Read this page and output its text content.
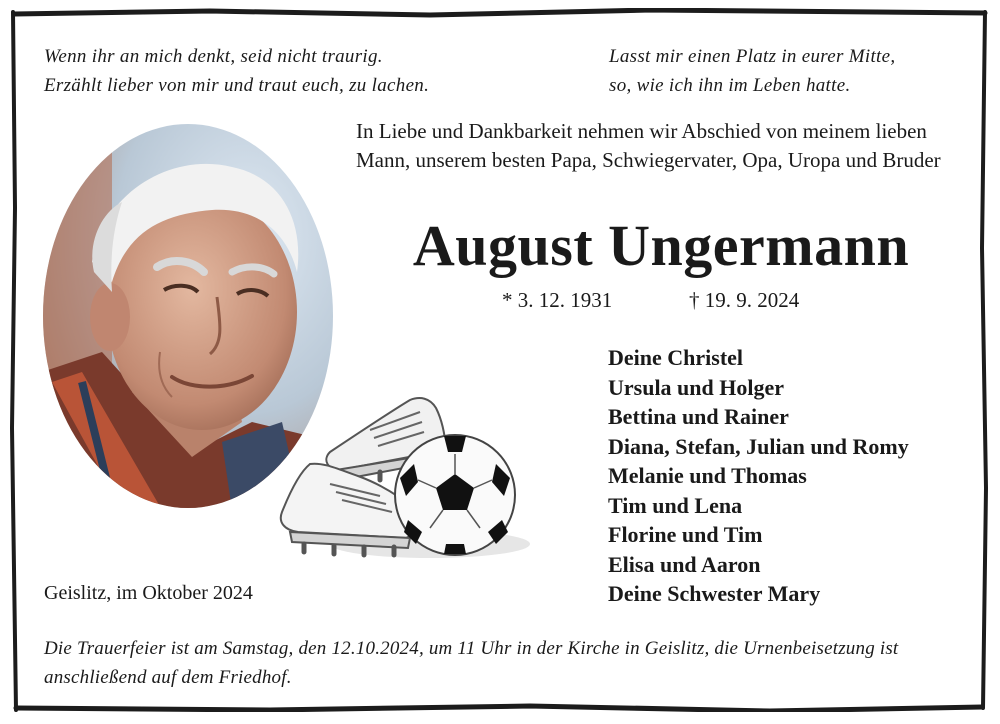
Wenn ihr an mich denkt, seid nicht traurig.
Erzählt lieber von mir und traut euch, zu lachen.
Lasst mir einen Platz in eurer Mitte,
so, wie ich ihn im Leben hatte.
In Liebe und Dankbarkeit nehmen wir Abschied von meinem lieben Mann, unserem besten Papa, Schwiegervater, Opa, Uropa und Bruder
August Ungermann
* 3. 12. 1931	† 19. 9. 2024
Deine Christel
Ursula und Holger
Bettina und Rainer
Diana, Stefan, Julian und Romy
Melanie und Thomas
Tim und Lena
Florine und Tim
Elisa und Aaron
Deine Schwester Mary
Geislitz, im Oktober 2024
Die Trauerfeier ist am Samstag, den 12.10.2024, um 11 Uhr in der Kirche in Geislitz, die Urnenbeisetzung ist anschließend auf dem Friedhof.
